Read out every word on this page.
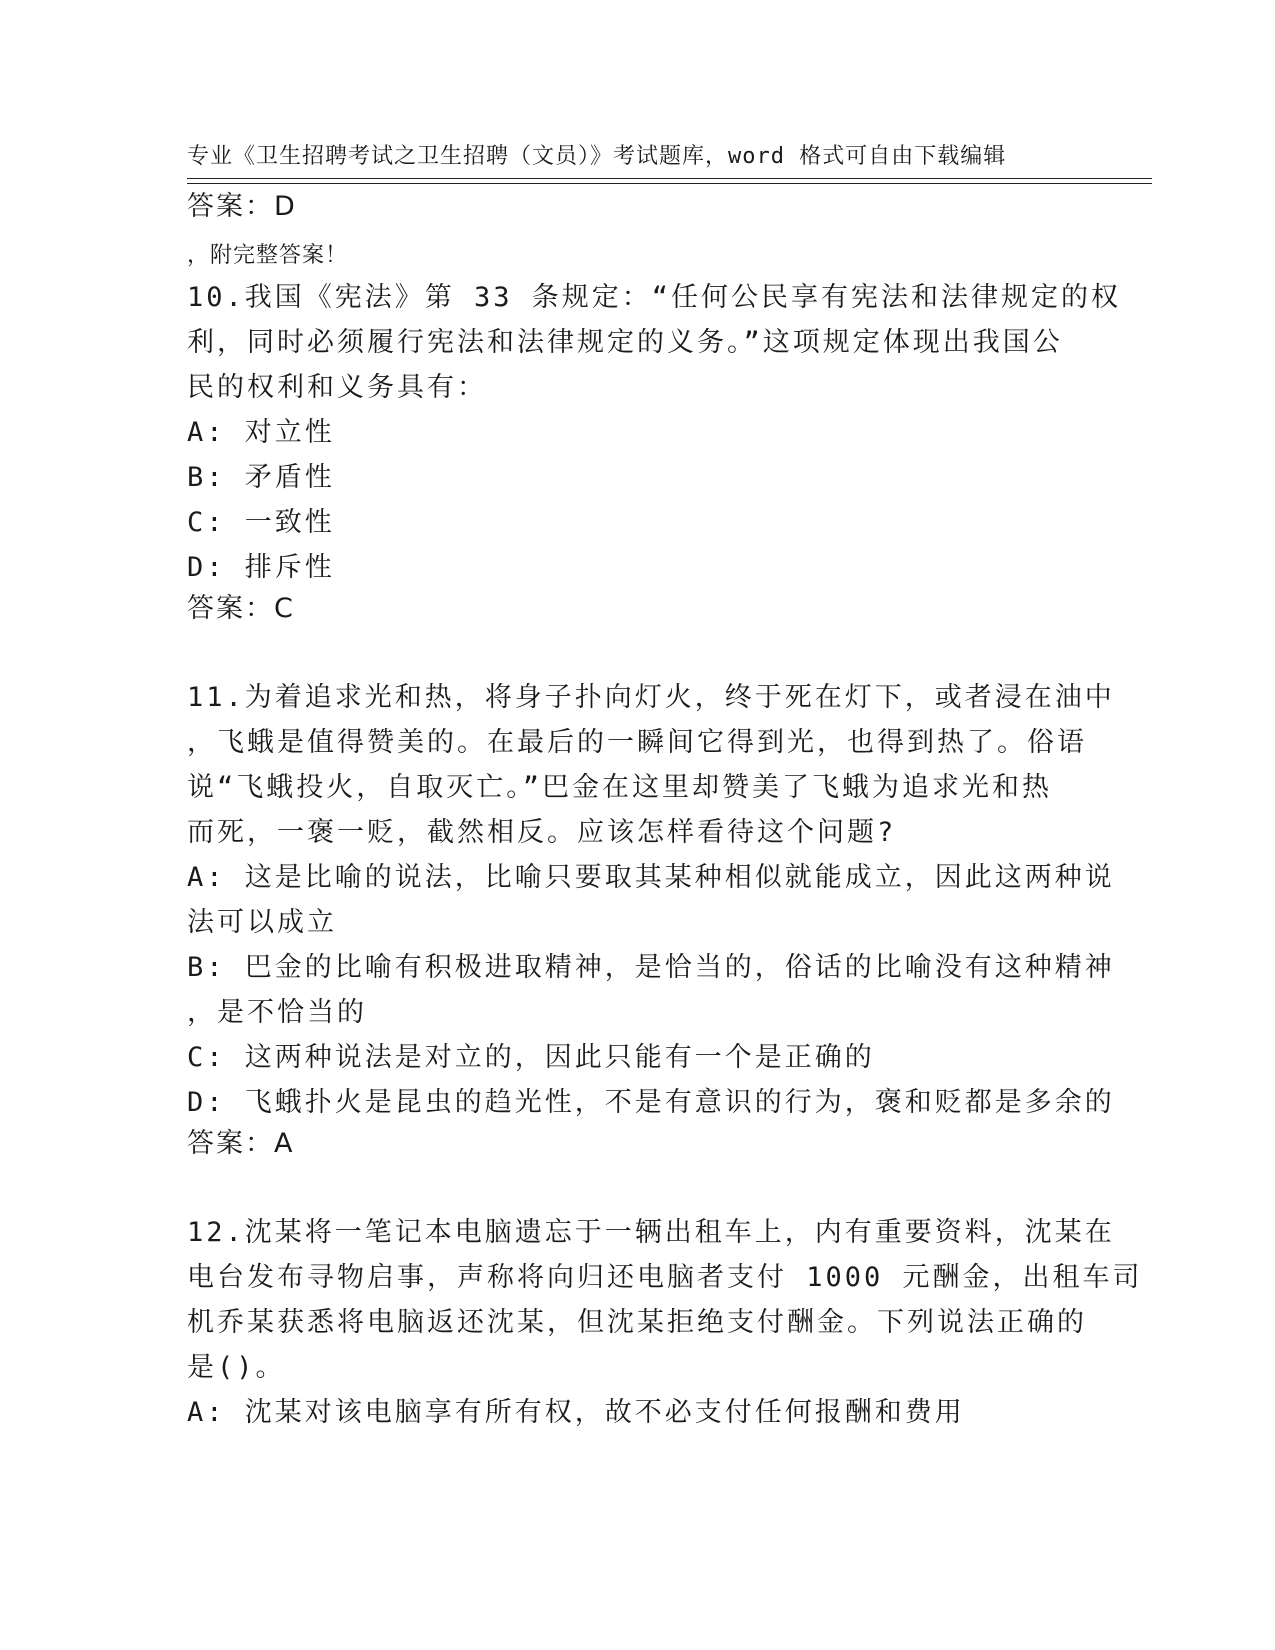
专业《卫生招聘考试之卫生招聘（文员）》考试题库，word 格式可自由下载编辑

，附完整答案！

答案：D
10.我国《宪法》第 33 条规定：“任何公民享有宪法和法律规定的权
利，同时必须履行宪法和法律规定的义务。”这项规定体现出我国公
民的权利和义务具有：
A: 对立性
B: 矛盾性
C: 一致性
D: 排斥性
答案：C
11.为着追求光和热，将身子扑向灯火，终于死在灯下，或者浸在油中
，飞蛾是值得赞美的。在最后的一瞬间它得到光，也得到热了。俗语
说“飞蛾投火，自取灭亡。”巴金在这里却赞美了飞蛾为追求光和热
而死，一褒一贬，截然相反。应该怎样看待这个问题?
A: 这是比喻的说法，比喻只要取其某种相似就能成立，因此这两种说
法可以成立
B: 巴金的比喻有积极进取精神，是恰当的，俗话的比喻没有这种精神
，是不恰当的
C: 这两种说法是对立的，因此只能有一个是正确的
D: 飞蛾扑火是昆虫的趋光性，不是有意识的行为，褒和贬都是多余的
答案：A
12.沈某将一笔记本电脑遗忘于一辆出租车上，内有重要资料，沈某在
电台发布寻物启事，声称将向归还电脑者支付 1000 元酬金，出租车司
机乔某获悉将电脑返还沈某，但沈某拒绝支付酬金。下列说法正确的
是()。
A: 沈某对该电脑享有所有权，故不必支付任何报酬和费用
